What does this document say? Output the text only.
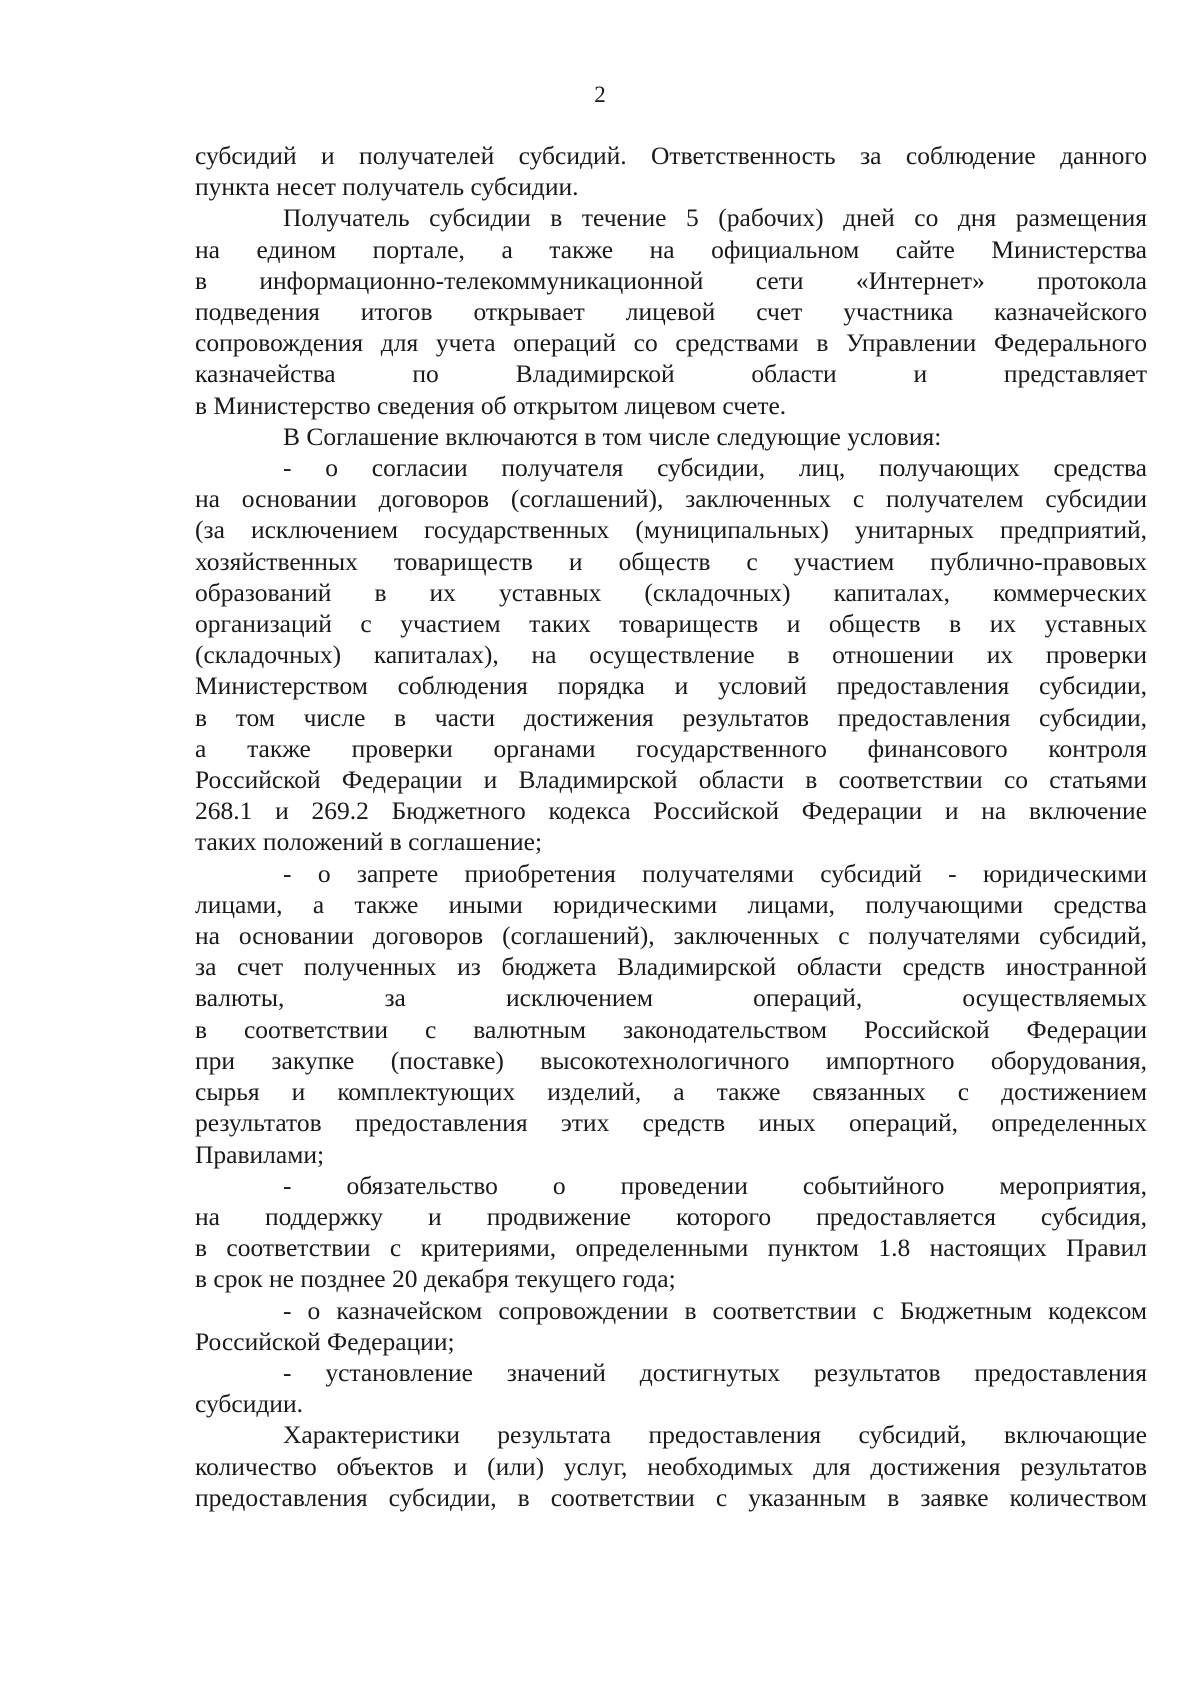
2
субсидий и получателей субсидий. Ответственность за соблюдение данного
пункта несет получатель субсидии.
Получатель субсидии в течение 5 (рабочих) дней со дня размещения
на едином портале, а также на официальном сайте Министерства
в информационно-телекоммуникационной сети «Интернет» протокола
подведения итогов открывает лицевой счет участника казначейского
сопровождения для учета операций со средствами в Управлении Федерального
казначейства по Владимирской области и представляет
в Министерство сведения об открытом лицевом счете.
В Соглашение включаются в том числе следующие условия:
- о согласии получателя субсидии, лиц, получающих средства
на основании договоров (соглашений), заключенных с получателем субсидии
(за исключением государственных (муниципальных) унитарных предприятий,
хозяйственных товариществ и обществ с участием публично-правовых
образований в их уставных (складочных) капиталах, коммерческих
организаций с участием таких товариществ и обществ в их уставных
(складочных) капиталах), на осуществление в отношении их проверки
Министерством соблюдения порядка и условий предоставления субсидии,
в том числе в части достижения результатов предоставления субсидии,
а также проверки органами государственного финансового контроля
Российской Федерации и Владимирской области в соответствии со статьями
268.1 и 269.2 Бюджетного кодекса Российской Федерации и на включение
таких положений в соглашение;
- о запрете приобретения получателями субсидий - юридическими
лицами, а также иными юридическими лицами, получающими средства
на основании договоров (соглашений), заключенных с получателями субсидий,
за счет полученных из бюджета Владимирской области средств иностранной
валюты, за исключением операций, осуществляемых
в соответствии с валютным законодательством Российской Федерации
при закупке (поставке) высокотехнологичного импортного оборудования,
сырья и комплектующих изделий, а также связанных с достижением
результатов предоставления этих средств иных операций, определенных
Правилами;
- обязательство о проведении событийного мероприятия,
на поддержку и продвижение которого предоставляется субсидия,
в соответствии с критериями, определенными пунктом 1.8 настоящих Правил
в срок не позднее 20 декабря текущего года;
- о казначейском сопровождении в соответствии с Бюджетным кодексом
Российской Федерации;
- установление значений достигнутых результатов предоставления
субсидии.
Характеристики результата предоставления субсидий, включающие
количество объектов и (или) услуг, необходимых для достижения результатов
предоставления субсидии, в соответствии с указанным в заявке количеством
